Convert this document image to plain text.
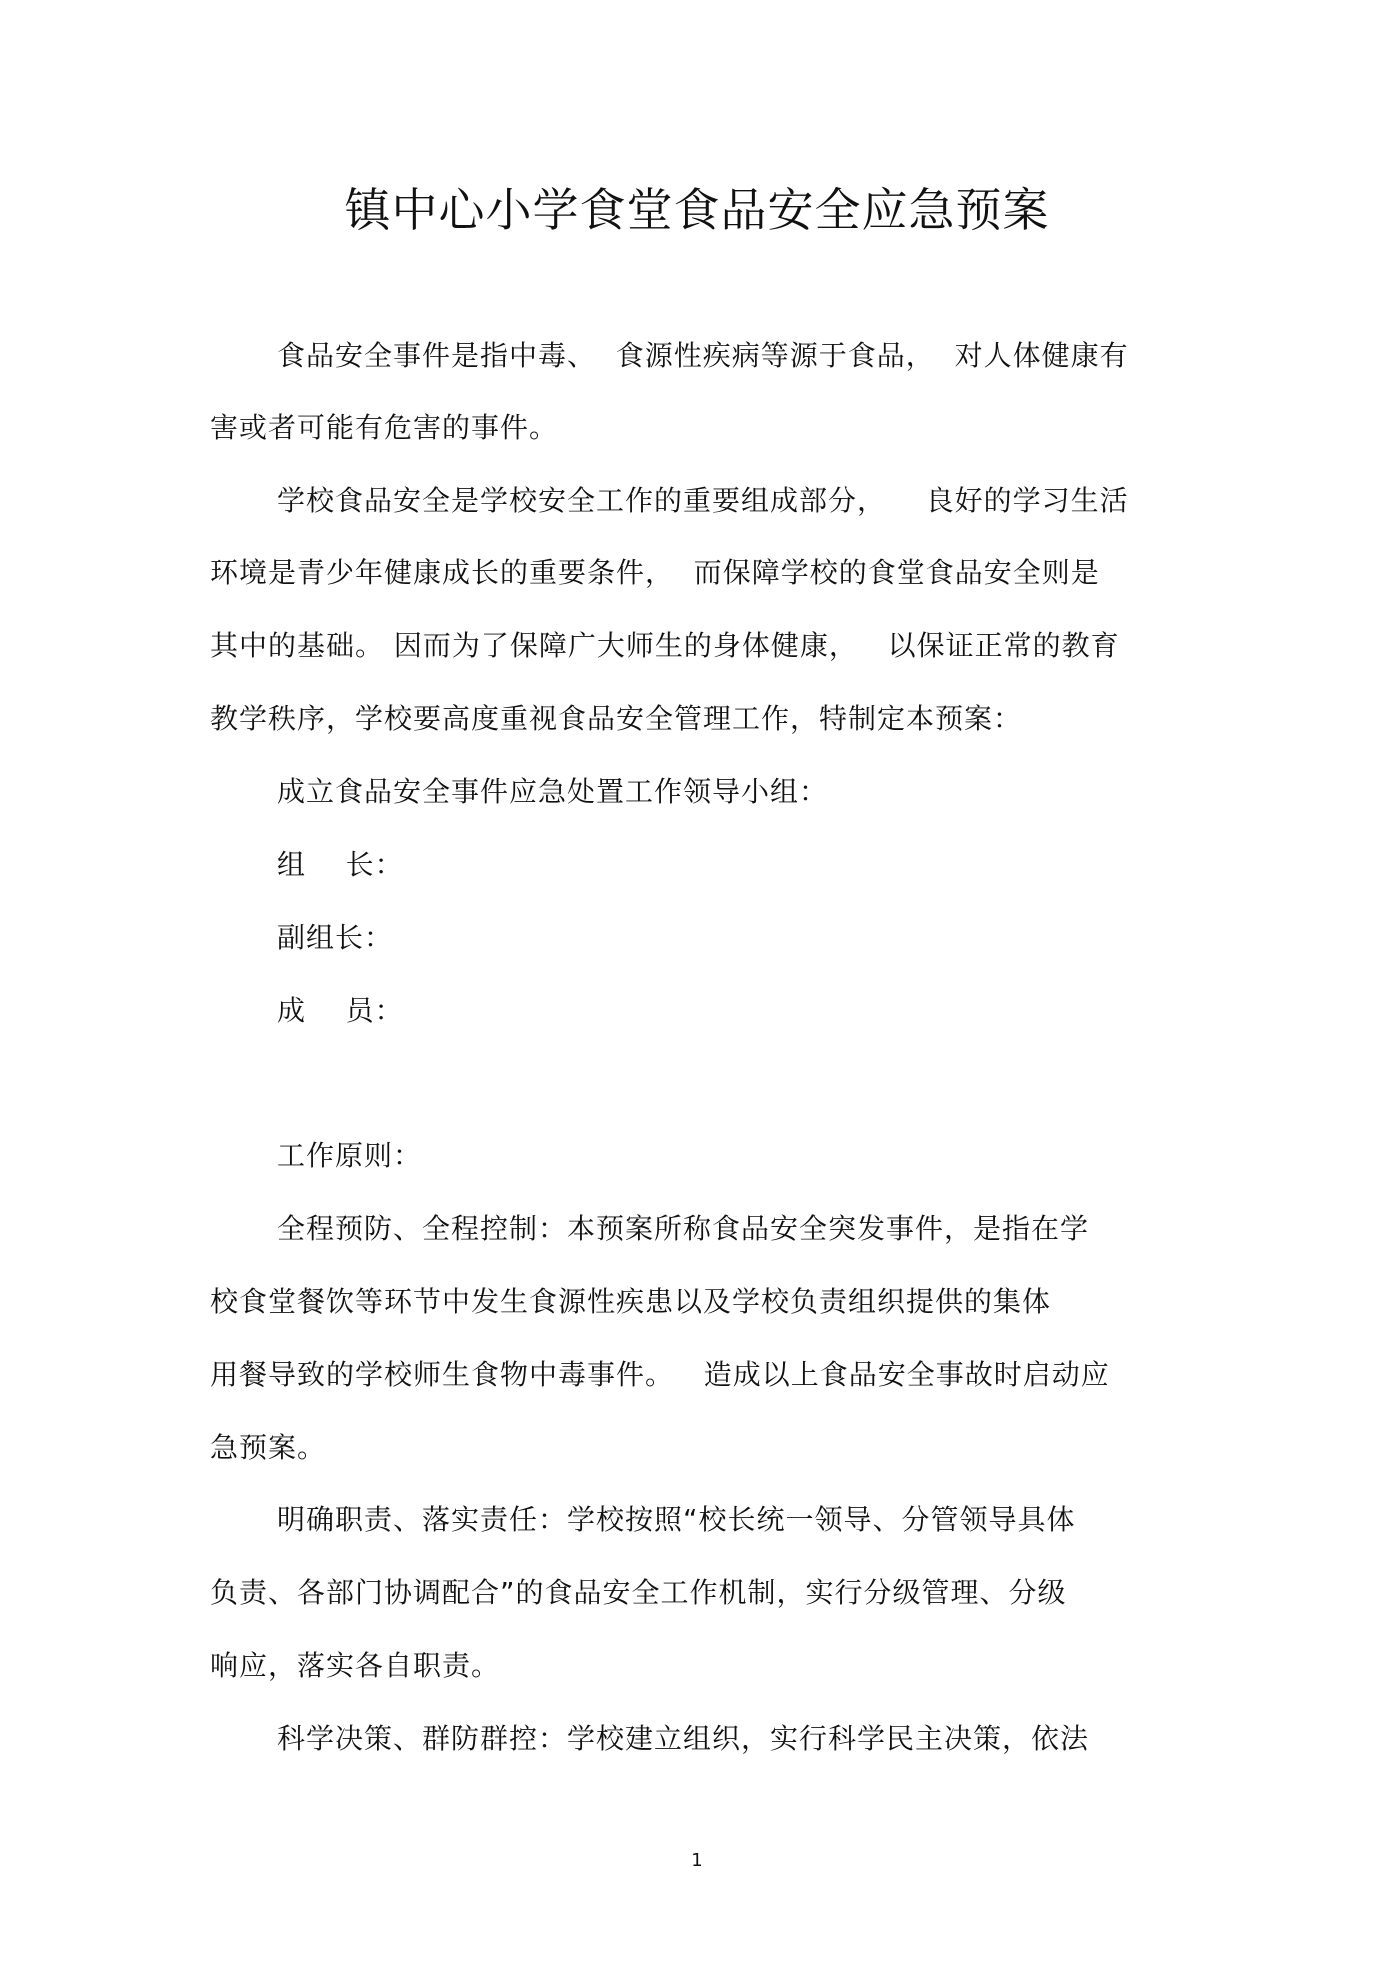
镇中心小学食堂食品安全应急预案

食品安全事件是指中毒、  食源性疾病等源于食品，  对人体健康有

害或者可能有危害的事件。

学校食品安全是学校安全工作的重要组成部分，    良好的学习生活

环境是青少年健康成长的重要条件，  而保障学校的食堂食品安全则是

其中的基础。 因而为了保障广大师生的身体健康，   以保证正常的教育

教学秩序，学校要高度重视食品安全管理工作，特制定本预案：

成立食品安全事件应急处置工作领导小组：

组    长：

副组长：

成    员：

工作原则：

全程预防、全程控制：本预案所称食品安全突发事件，是指在学

校食堂餐饮等环节中发生食源性疾患以及学校负责组织提供的集体

用餐导致的学校师生食物中毒事件。   造成以上食品安全事故时启动应

急预案。

明确职责、落实责任：学校按照“校长统一领导、分管领导具体

负责、各部门协调配合”的食品安全工作机制，实行分级管理、分级

响应，落实各自职责。

科学决策、群防群控：学校建立组织，实行科学民主决策，依法

1
